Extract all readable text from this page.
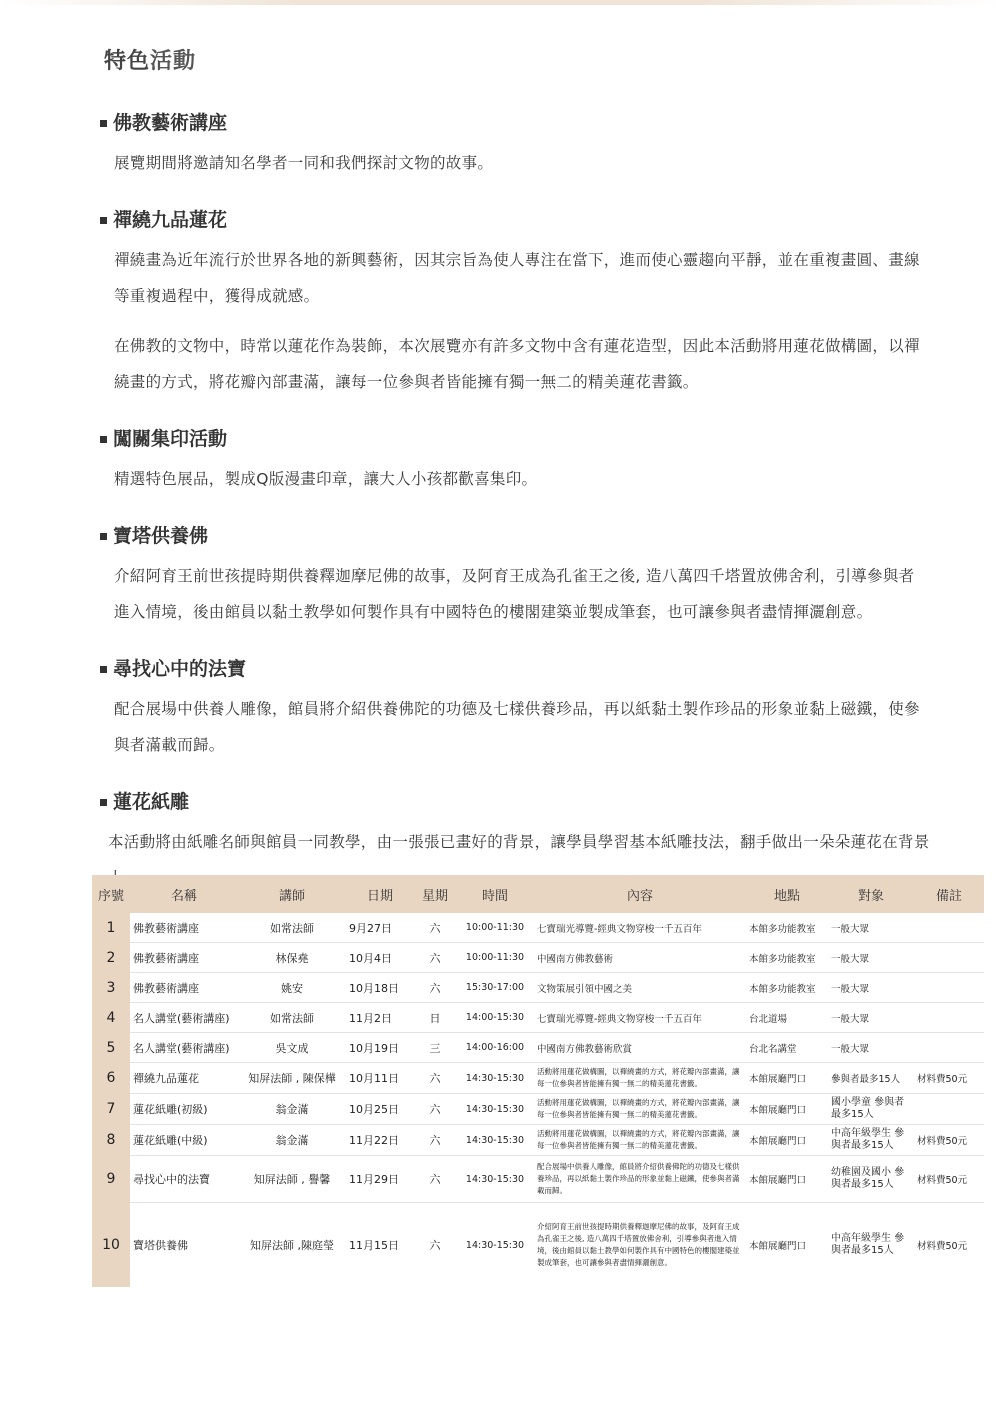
特色活動
佛教藝術講座

展覽期間將邀請知名學者一同和我們探討文物的故事。

禪繞九品蓮花

禪繞畫為近年流行於世界各地的新興藝術，因其宗旨為使人專注在當下，進而使心靈趨向平靜，並在重複畫圓、畫線等重複過程中，獲得成就感。

在佛教的文物中，時常以蓮花作為裝飾，本次展覽亦有許多文物中含有蓮花造型，因此本活動將用蓮花做構圖，以禪繞畫的方式，將花瓣內部畫滿，讓每一位參與者皆能擁有獨一無二的精美蓮花書籤。

闖關集印活動

精選特色展品，製成Q版漫畫印章，讓大人小孩都歡喜集印。

寶塔供養佛

介紹阿育王前世孩提時期供養釋迦摩尼佛的故事，及阿育王成為孔雀王之後, 造八萬四千塔置放佛舍利，引導參與者進入情境，後由館員以黏土教學如何製作具有中國特色的樓閣建築並製成筆套，也可讓參與者盡情揮灑創意。

尋找心中的法寶

配合展場中供養人雕像，館員將介紹供養佛陀的功德及七樣供養珍品，再以紙黏土製作珍品的形象並黏上磁鐵，使參與者滿載而歸。

蓮花紙雕

本活動將由紙雕名師與館員一同教學，由一張張已畫好的背景，讓學員學習基本紙雕技法，翻手做出一朵朵蓮花在背景

序號	名稱	講師	日期	星期	時間	內容	地點	對象	備註
1	佛教藝術講座	如常法師	9月27日	六	10:00-11:30	七寶瑞光導覽-經典文物穿梭一千五百年	本館多功能教室	一般大眾	
2	佛教藝術講座	林保堯	10月4日	六	10:00-11:30	中國南方佛教藝術	本館多功能教室	一般大眾	
3	佛教藝術講座	姚安	10月18日	六	15:30-17:00	文物策展引領中國之美	本館多功能教室	一般大眾	
4	名人講堂(藝術講座)	如常法師	11月2日	日	14:00-15:30	七寶瑞光導覽-經典文物穿梭一千五百年	台北道場	一般大眾	
5	名人講堂(藝術講座)	吳文成	10月19日	三	14:00-16:00	中國南方佛教藝術欣賞	台北名講堂	一般大眾	
6	禪繞九品蓮花	知屏法師 , 陳保樺	10月11日	六	14:30-15:30	活動將用蓮花做構圖，以禪繞畫的方式，將花瓣內部畫滿，讓每一位參與者皆能擁有獨一無二的精美蓮花書籤。	本館展廳門口	參與者最多15人	材料費50元
7	蓮花紙雕(初級)	翁金滿	10月25日	六	14:30-15:30	活動將用蓮花做構圖，以禪繞畫的方式，將花瓣內部畫滿，讓每一位參與者皆能擁有獨一無二的精美蓮花書籤。	本館展廳門口	國小學童 參與者最多15人	
8	蓮花紙雕(中級)	翁金滿	11月22日	六	14:30-15:30	活動將用蓮花做構圖，以禪繞畫的方式，將花瓣內部畫滿，讓每一位參與者皆能擁有獨一無二的精美蓮花書籤。	本館展廳門口	中高年級學生 參與者最多15人	材料費50元
9	尋找心中的法寶	知屏法師 , 譽馨	11月29日	六	14:30-15:30	配合展場中供養人雕像，館員將介紹供養佛陀的功德及七樣供養珍品，再以紙黏土製作珍品的形象並黏上磁鐵，使參與者滿載而歸。	本館展廳門口	幼稚園及國小 參與者最多15人	材料費50元
10	寶塔供養佛	知屏法師 ,陳庭瑩	11月15日	六	14:30-15:30	介紹阿育王前世孩提時期供養釋迦摩尼佛的故事，及阿育王成為孔雀王之後, 造八萬四千塔置放佛舍利，引導參與者進入情境，後由館員以黏土教學如何製作具有中國特色的樓閣建築並製成筆套，也可讓參與者盡情揮灑創意。	本館展廳門口	中高年級學生 參與者最多15人	材料費50元
